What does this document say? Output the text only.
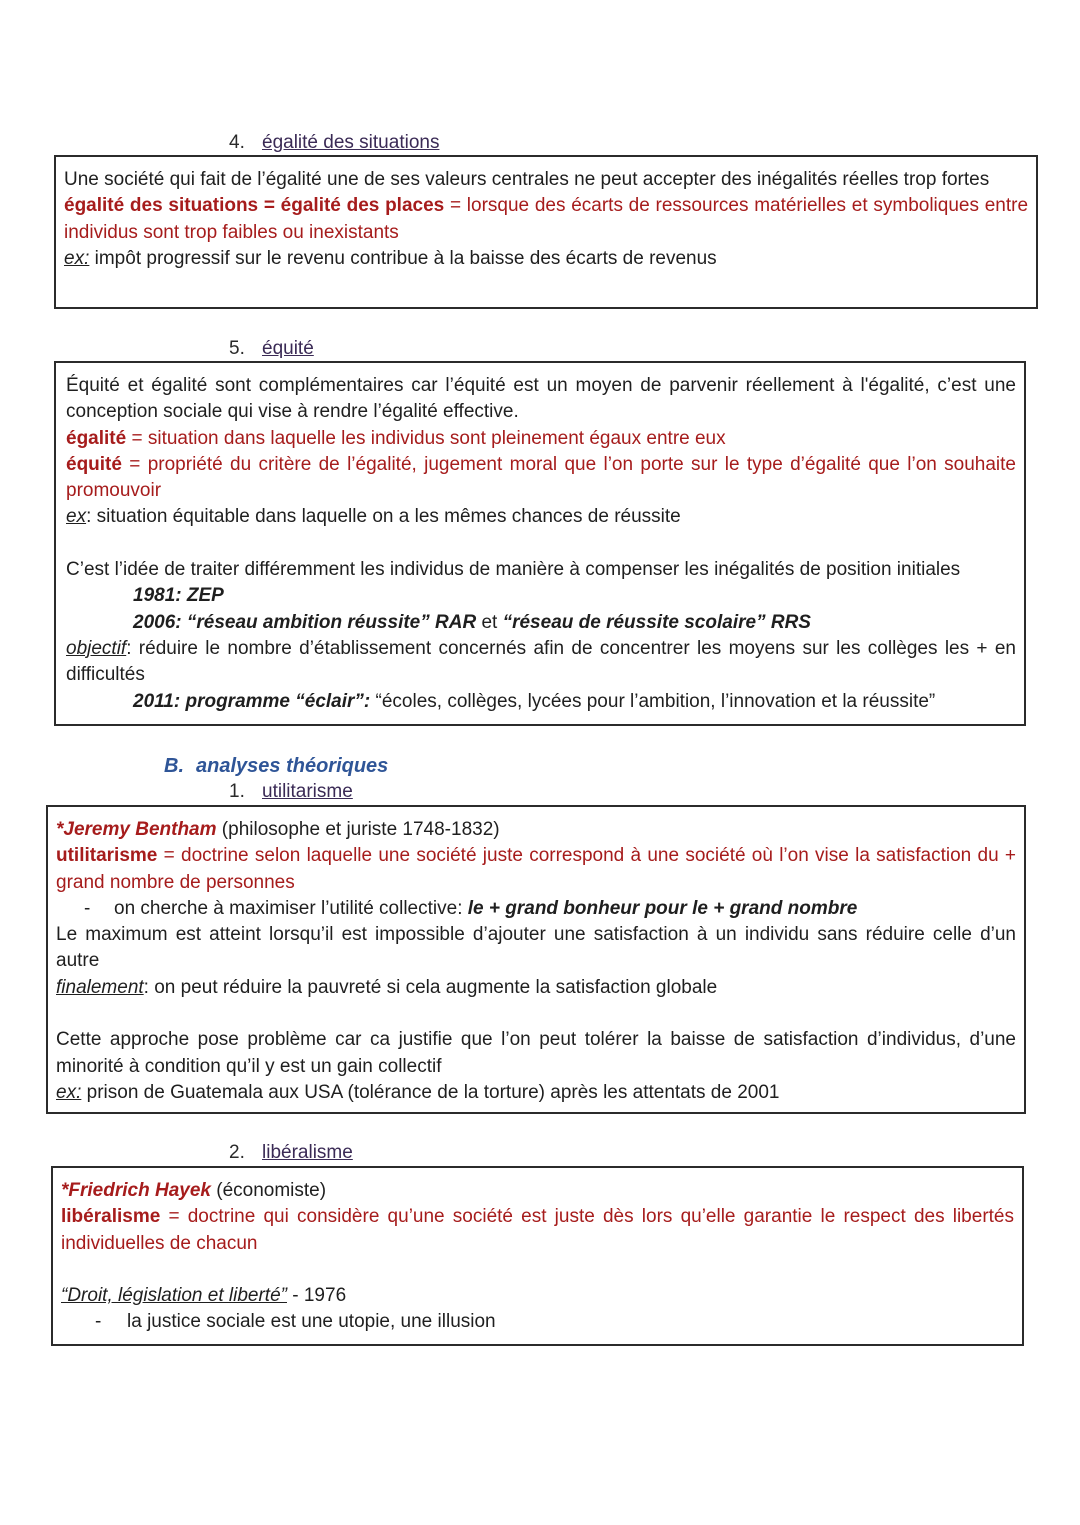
4. égalité des situations
Une société qui fait de l’égalité une de ses valeurs centrales ne peut accepter des inégalités réelles trop fortes
égalité des situations = égalité des places = lorsque des écarts de ressources matérielles et symboliques entre individus sont trop faibles ou inexistants
ex: impôt progressif sur le revenu contribue à la baisse des écarts de revenus
5. équité
Équité et égalité sont complémentaires car l’équité est un moyen de parvenir réellement à l'égalité, c’est une conception sociale qui vise à rendre l’égalité effective.
égalité = situation dans laquelle les individus sont pleinement égaux entre eux
équité = propriété du critère de l’égalité, jugement moral que l’on porte sur le type d’égalité que l’on souhaite promouvoir
ex: situation équitable dans laquelle on a les mêmes chances de réussite
C’est l’idée de traiter différemment les individus de manière à compenser les inégalités de position initiales
1981: ZEP
2006: “réseau ambition réussite” RAR et “réseau de réussite scolaire” RRS
objectif: réduire le nombre d’établissement concernés afin de concentrer les moyens sur les collèges les + en difficultés
2011: programme “éclair”: “écoles, collèges, lycées pour l’ambition, l’innovation et la réussite”
B. analyses théoriques
1. utilitarisme
*Jeremy Bentham (philosophe et juriste 1748-1832)
utilitarisme = doctrine selon laquelle une société juste correspond à une société où l’on vise la satisfaction du + grand nombre de personnes
- on cherche à maximiser l’utilité collective: le + grand bonheur pour le + grand nombre
Le maximum est atteint lorsqu’il est impossible d’ajouter une satisfaction à un individu sans réduire celle d’un autre
finalement: on peut réduire la pauvreté si cela augmente la satisfaction globale
Cette approche pose problème car ca justifie que l’on peut tolérer la baisse de satisfaction d’individus, d’une minorité à condition qu’il y est un gain collectif
ex: prison de Guatemala aux USA (tolérance de la torture) après les attentats de 2001
2. libéralisme
*Friedrich Hayek (économiste)
libéralisme = doctrine qui considère qu’une société est juste dès lors qu’elle garantie le respect des libertés individuelles de chacun
“Droit, législation et liberté” - 1976
- la justice sociale est une utopie, une illusion
